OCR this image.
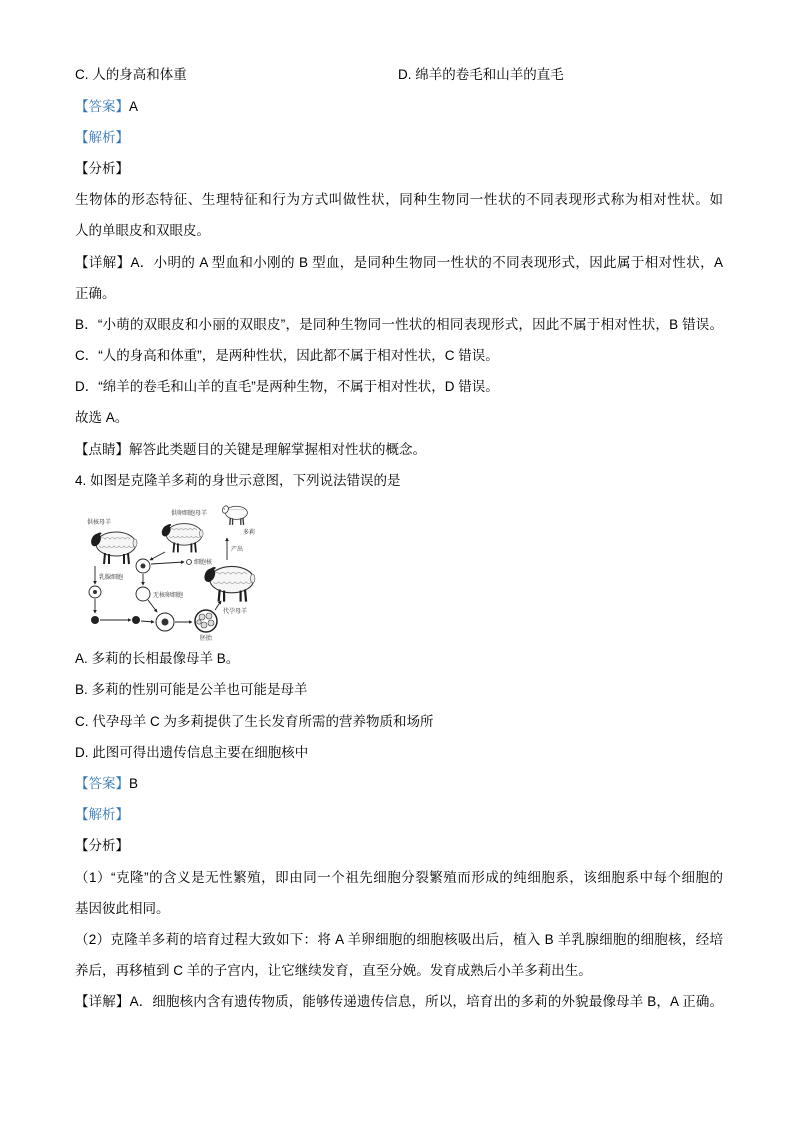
C. 人的身高和体重	D. 绵羊的卷毛和山羊的直毛
【答案】A
【解析】
【分析】
生物体的形态特征、生理特征和行为方式叫做性状，同种生物同一性状的不同表现形式称为相对性状。如
人的单眼皮和双眼皮。
【详解】A．小明的 A 型血和小刚的 B 型血，是同种生物同一性状的不同表现形式，因此属于相对性状，A
正确。
B．“小萌的双眼皮和小丽的双眼皮”，是同种生物同一性状的相同表现形式，因此不属于相对性状，B 错误。
C．“人的身高和体重”，是两种性状，因此都不属于相对性状，C 错误。
D．“绵羊的卷毛和山羊的直毛”是两种生物，不属于相对性状，D 错误。
故选 A。
【点睛】解答此类题目的关键是理解掌握相对性状的概念。
4. 如图是克隆羊多莉的身世示意图，下列说法错误的是
供核母羊
供卵细胞母羊
多莉
产出
乳腺细胞
细胞核
无核卵细胞
胚胎
代孕母羊
A. 多莉的长相最像母羊 B。
B. 多莉的性别可能是公羊也可能是母羊
C. 代孕母羊 C 为多莉提供了生长发育所需的营养物质和场所
D. 此图可得出遗传信息主要在细胞核中
【答案】B
【解析】
【分析】
（1）“克隆”的含义是无性繁殖，即由同一个祖先细胞分裂繁殖而形成的纯细胞系，该细胞系中每个细胞的
基因彼此相同。
（2）克隆羊多莉的培育过程大致如下：将 A 羊卵细胞的细胞核吸出后，植入 B 羊乳腺细胞的细胞核，经培
养后，再移植到 C 羊的子宫内，让它继续发育，直至分娩。发育成熟后小羊多莉出生。
【详解】A．细胞核内含有遗传物质，能够传递遗传信息，所以，培育出的多莉的外貌最像母羊 B，A 正确。
